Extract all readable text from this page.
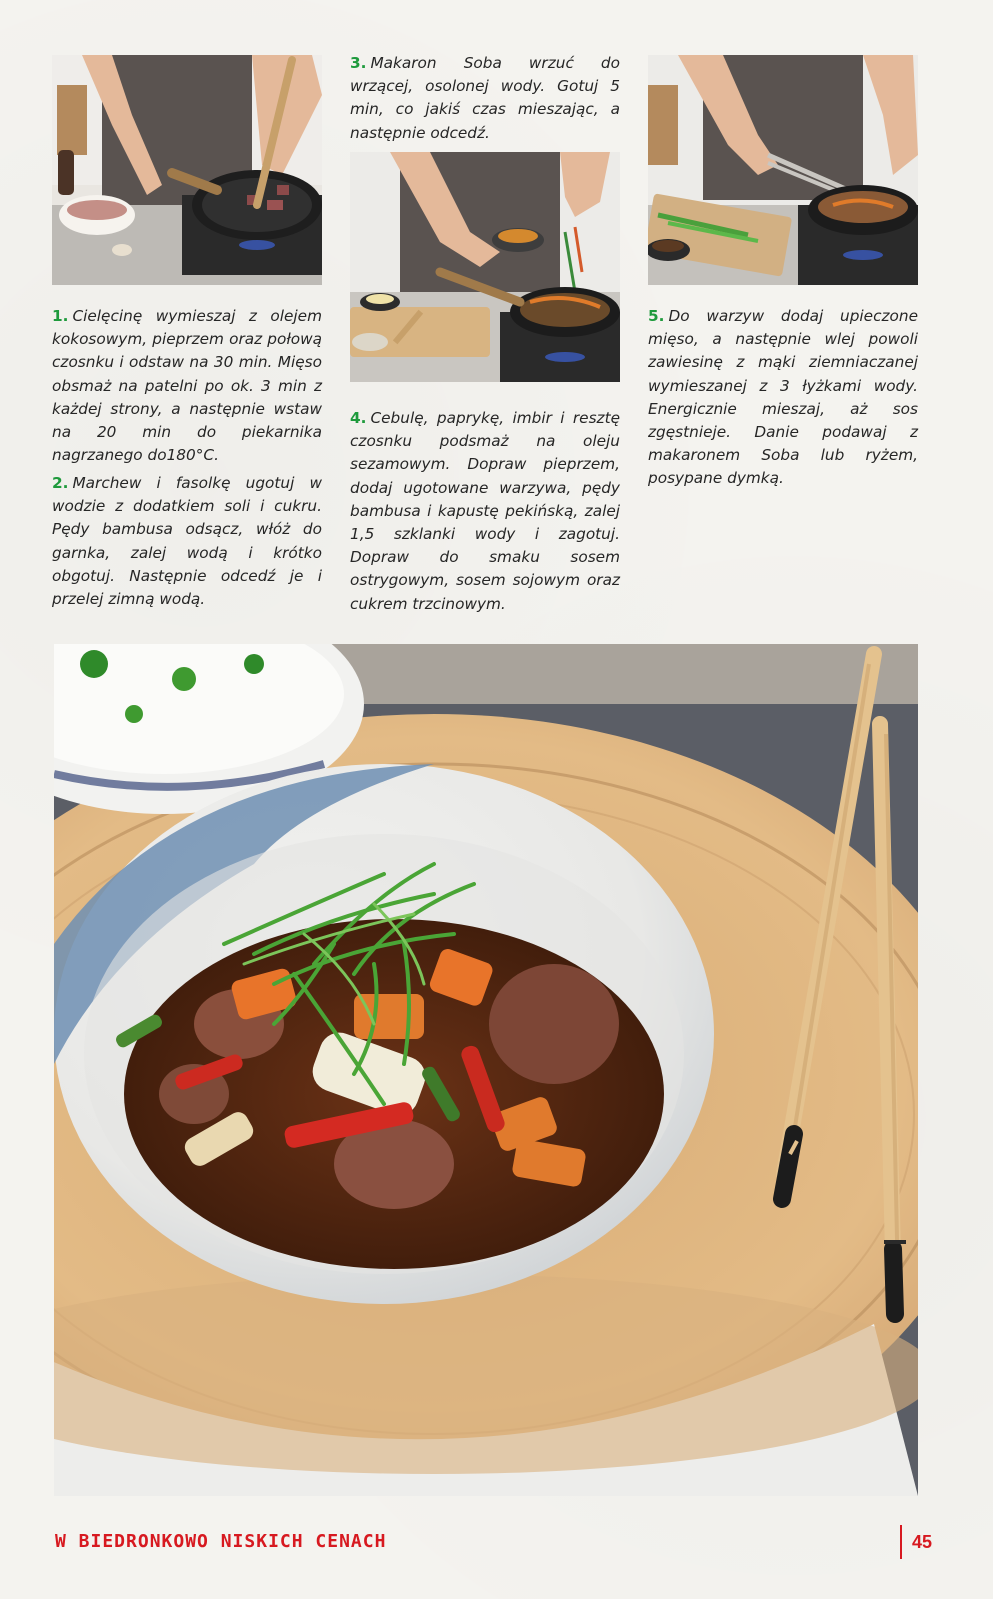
1. Cielęcinę wymieszaj z olejem kokosowym, pieprzem oraz połową czosnku i odstaw na 30 min. Mięso obsmaż na patelni po ok. 3 min z każdej strony, a następnie wstaw na 20 min do piekarnika nagrzanego do180°C.

2. Marchew i fasolkę ugotuj w wodzie z dodatkiem soli i cukru. Pędy bambusa odsącz, włóż do garnka, zalej wodą i krótko obgotuj. Następnie odcedź je i przelej zimną wodą.

3. Makaron Soba wrzuć do wrzącej, osolonej wody. Gotuj 5 min, co jakiś czas mieszając, a następnie odcedź.

4. Cebulę, paprykę, imbir i resztę czosnku podsmaż na oleju sezamowym. Dopraw pieprzem, dodaj ugotowane warzywa, pędy bambusa i kapustę pekińską, zalej 1,5 szklanki wody i zagotuj. Dopraw do smaku sosem ostrygowym, sosem sojowym oraz cukrem trzcinowym.

5. Do warzyw dodaj upieczone mięso, a następnie wlej powoli zawiesinę z mąki ziemniaczanej wymieszanej z 3 łyżkami wody. Energicznie mieszaj, aż sos zgęstnieje. Danie podawaj z makaronem Soba lub ryżem, posypane dymką.

W BIEDRONKOWO NISKICH CENACH	45
